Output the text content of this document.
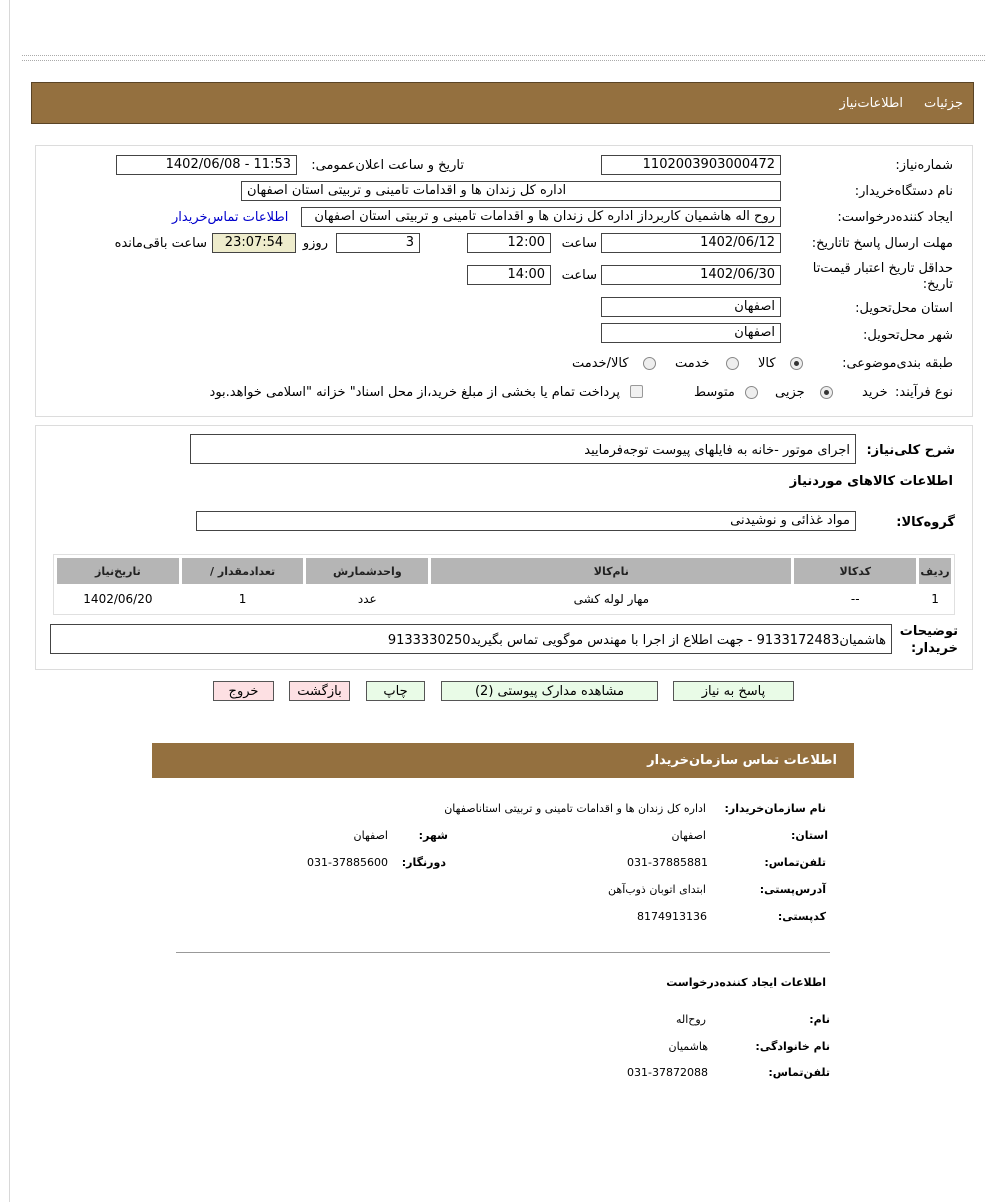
جزئیات
اطلاعات‌نیاز
شماره‌نیاز:
1102003903000472
تاریخ و ساعت اعلان‌عمومی:
1402/06/08 - 11:53
نام دستگاه‌خریدار:
اداره کل زندان ها و اقدامات تامینی و تربیتی استان اصفهان
ایجاد کننده‌درخواست:
روح اله هاشمیان کاربرداز اداره کل زندان ها و اقدامات تامینی و تربیتی استان اصفهان
اطلاعات تماس‌خریدار
مهلت ارسال پاسخ تا‌تاریخ:
1402/06/12
ساعت
12:00
3
روزو
23:07:54
ساعت باقی‌مانده
حداقل تاریخ اعتبار قیمت‌تا
تاریخ:
1402/06/30
ساعت
14:00
استان محل‌تحویل:
اصفهان
شهر محل‌تحویل:
اصفهان
طبقه بندی‌موضوعی:
کالا
خدمت
کالا/خدمت
نوع فرآیند:
خرید
جزیی
متوسط
پرداخت تمام یا بخشی از مبلغ خرید،از محل اسناد" خزانه "اسلامی خواهد.بود
شرح کلی‌نیاز:
اجرای موتور -خانه به فایلهای پیوست توجه‌فرمایید
اطلاعات کالاهای موردنیاز
گروه‌کالا:
مواد غذائی و نوشیدنی
ردیف	کدکالا	نام‌کالا	واحد‌شمارش	تعداد‌مقدار /	تاریخ‌نیاز
1	--	مهار لوله کشی	عدد	1	1402/06/20
توضیحات
خریدار:
هاشمیان9133172483 - جهت اطلاع از اجرا با مهندس موگویی تماس بگیرید9133330250
پاسخ به نیاز
مشاهده مدارک پیوستی (2)
چاپ
بازگشت
خروج
اطلاعات تماس سازمان‌خریدار
نام سازمان‌خریدار:
اداره کل زندان ها و اقدامات تامینی و تربیتی استاناصفهان
استان:
اصفهان
شهر:
اصفهان
تلفن‌تماس:
031-37885881
دورنگار:
031-37885600
آدرس‌پستی:
ابتدای اتوبان ذوب‌آهن
کد‌پستی:
8174913136
اطلاعات ایجاد کننده‌درخواست
نام:
روح‌اله
نام خانوادگی:
هاشمیان
تلفن‌تماس:
031-37872088
